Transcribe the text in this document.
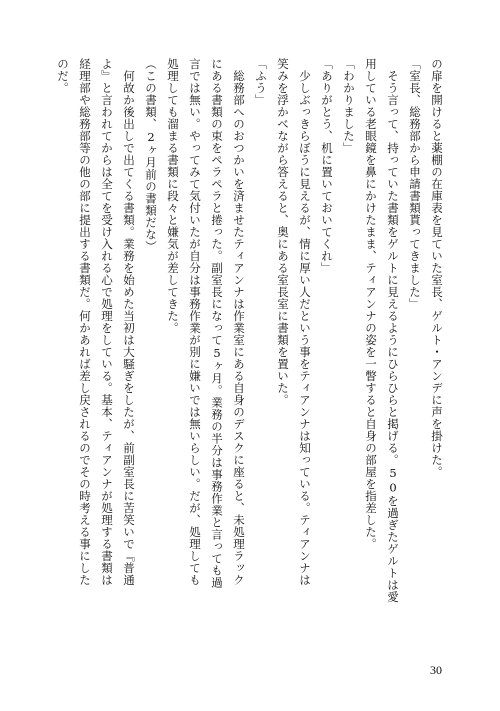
の扉を開けると薬棚の在庫表を見ていた室長、ゲルト・アンデに声を掛けた。
「室長、総務部から申請書類貰ってきました」
そう言って、持っていた書類をゲルトに見えるようにひらひらと掲げる。50を過ぎたゲルトは愛
用している老眼鏡を鼻にかけたまま、ティアンナの姿を一瞥すると自身の部屋を指差した。
「わかりました」
「ありがとう、机に置いておいてくれ」
少しぶっきらぼうに見えるが、情に厚い人だという事をティアンナは知っている。ティアンナは
笑みを浮かべながら答えると、奥にある室長室に書類を置いた。
「ふう」
総務部へのおつかいを済ませたティアンナは作業室にある自身のデスクに座ると、未処理ラック
にある書類の束をペラペラと捲った。副室長になって5ヶ月。業務の半分は事務作業と言っても過
言では無い。やってみて気付いたが自分は事務作業が別に嫌いでは無いらしい。だが、処理しても
処理しても溜まる書類に段々と嫌気が差してきた。
（この書類、2ヶ月前の書類だな）
何故か後出しで出てくる書類。業務を始めた当初は大騒ぎをしたが、前副室長に苦笑いで『普通
よ』と言われてからは全てを受け入れる心で処理をしている。基本、ティアンナが処理する書類は
経理部や総務部等の他の部に提出する書類だ。何かあれば差し戻されるのでその時考える事にした
のだ。
30
